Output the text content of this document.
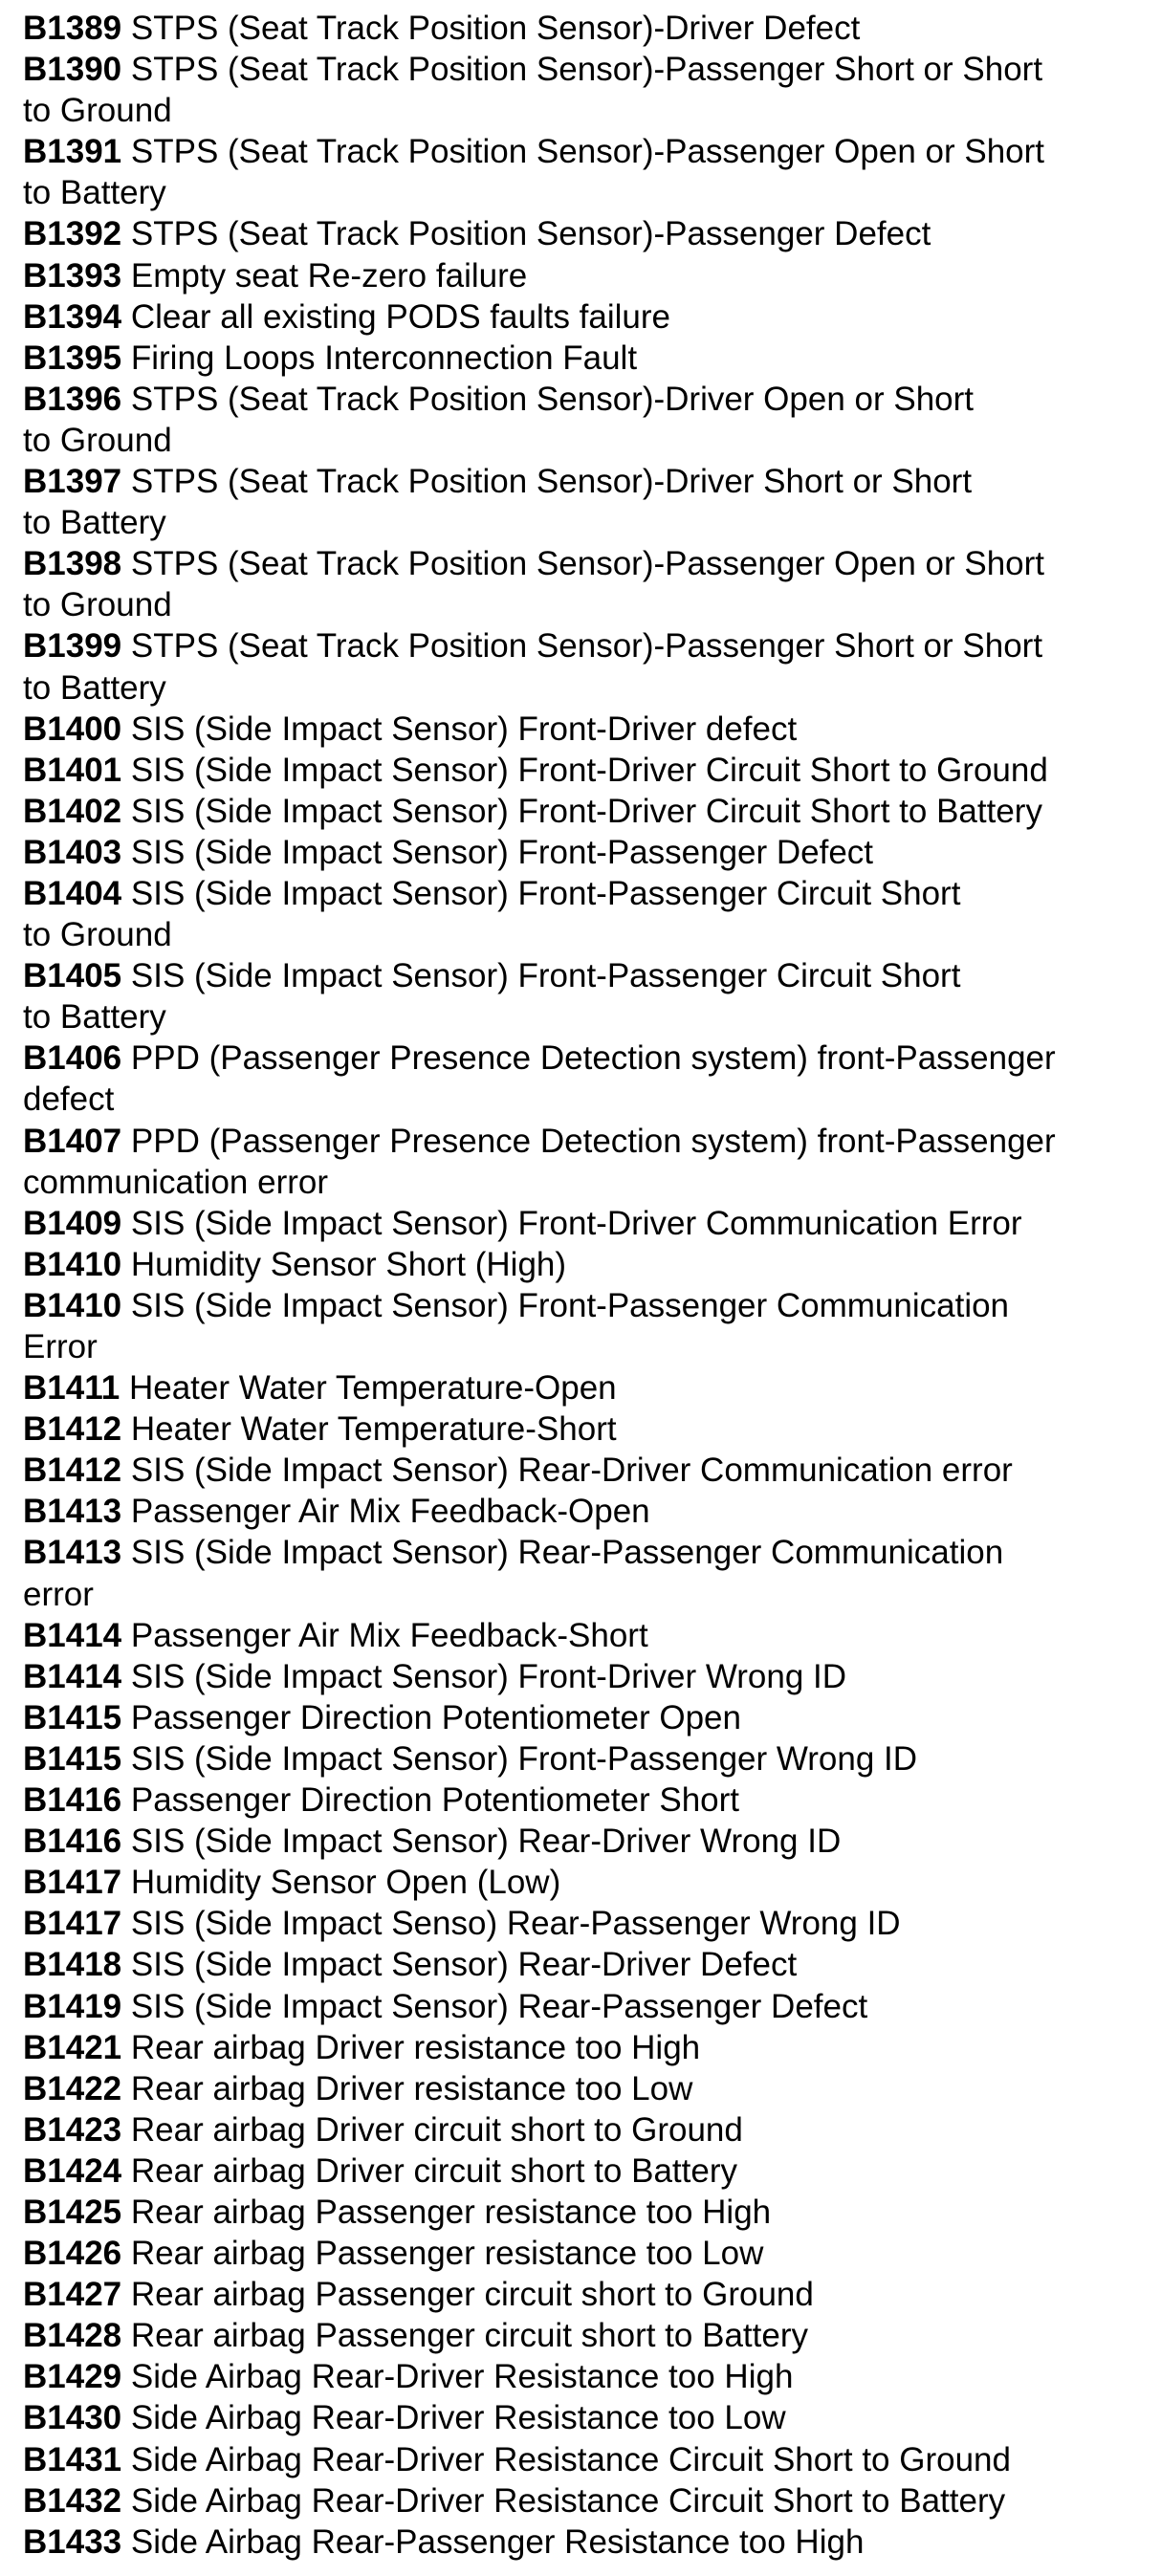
B1389 STPS (Seat Track Position Sensor)-Driver Defect
B1390 STPS (Seat Track Position Sensor)-Passenger Short or Short
to Ground
B1391 STPS (Seat Track Position Sensor)-Passenger Open or Short
to Battery
B1392 STPS (Seat Track Position Sensor)-Passenger Defect
B1393 Empty seat Re-zero failure
B1394 Clear all existing PODS faults failure
B1395 Firing Loops Interconnection Fault
B1396 STPS (Seat Track Position Sensor)-Driver Open or Short
to Ground
B1397 STPS (Seat Track Position Sensor)-Driver Short or Short
to Battery
B1398 STPS (Seat Track Position Sensor)-Passenger Open or Short
to Ground
B1399 STPS (Seat Track Position Sensor)-Passenger Short or Short
to Battery
B1400 SIS (Side Impact Sensor) Front-Driver defect
B1401 SIS (Side Impact Sensor) Front-Driver Circuit Short to Ground
B1402 SIS (Side Impact Sensor) Front-Driver Circuit Short to Battery
B1403 SIS (Side Impact Sensor) Front-Passenger Defect
B1404 SIS (Side Impact Sensor) Front-Passenger Circuit Short
to Ground
B1405 SIS (Side Impact Sensor) Front-Passenger Circuit Short
to Battery
B1406 PPD (Passenger Presence Detection system) front-Passenger
defect
B1407 PPD (Passenger Presence Detection system) front-Passenger
communication error
B1409 SIS (Side Impact Sensor) Front-Driver Communication Error
B1410 Humidity Sensor Short (High)
B1410 SIS (Side Impact Sensor) Front-Passenger Communication
Error
B1411 Heater Water Temperature-Open
B1412 Heater Water Temperature-Short
B1412 SIS (Side Impact Sensor) Rear-Driver Communication error
B1413 Passenger Air Mix Feedback-Open
B1413 SIS (Side Impact Sensor) Rear-Passenger Communication
error
B1414 Passenger Air Mix Feedback-Short
B1414 SIS (Side Impact Sensor) Front-Driver Wrong ID
B1415 Passenger Direction Potentiometer Open
B1415 SIS (Side Impact Sensor) Front-Passenger Wrong ID
B1416 Passenger Direction Potentiometer Short
B1416 SIS (Side Impact Sensor) Rear-Driver Wrong ID
B1417 Humidity Sensor Open (Low)
B1417 SIS (Side Impact Senso) Rear-Passenger Wrong ID
B1418 SIS (Side Impact Sensor) Rear-Driver Defect
B1419 SIS (Side Impact Sensor) Rear-Passenger Defect
B1421 Rear airbag Driver resistance too High
B1422 Rear airbag Driver resistance too Low
B1423 Rear airbag Driver circuit short to Ground
B1424 Rear airbag Driver circuit short to Battery
B1425 Rear airbag Passenger resistance too High
B1426 Rear airbag Passenger resistance too Low
B1427 Rear airbag Passenger circuit short to Ground
B1428 Rear airbag Passenger circuit short to Battery
B1429 Side Airbag Rear-Driver Resistance too High
B1430 Side Airbag Rear-Driver Resistance too Low
B1431 Side Airbag Rear-Driver Resistance Circuit Short to Ground
B1432 Side Airbag Rear-Driver Resistance Circuit Short to Battery
B1433 Side Airbag Rear-Passenger Resistance too High
